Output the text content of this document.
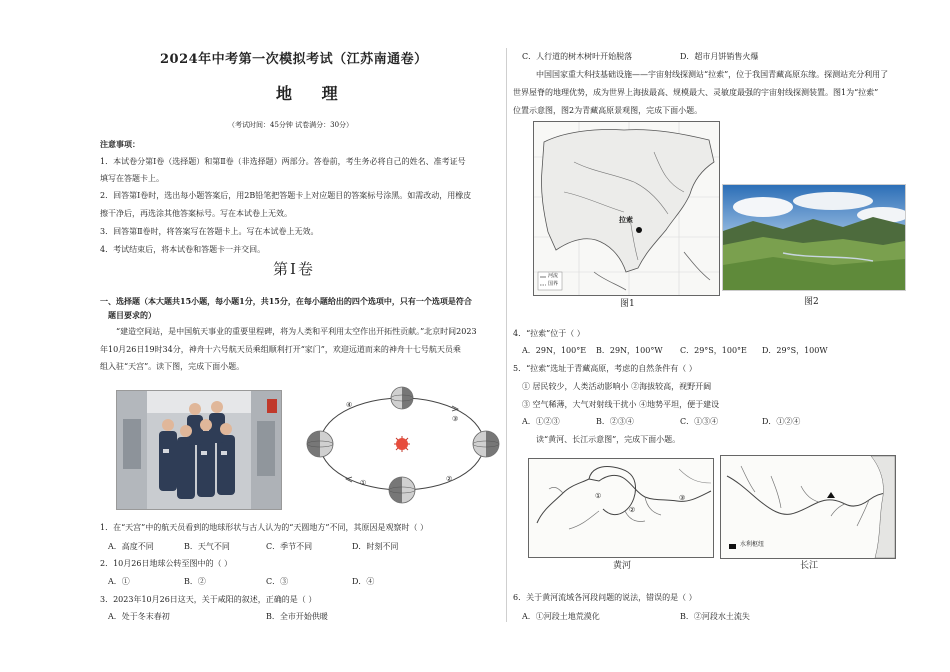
2024年中考第一次模拟考试（江苏南通卷）
地 理
（考试时间：45分钟 试卷满分：30分）
注意事项：
1．本试卷分第Ⅰ卷（选择题）和第Ⅱ卷（非选择题）两部分。答卷前，考生务必将自己的姓名、准考证号
填写在答题卡上。
2．回答第Ⅰ卷时，选出每小题答案后，用2B铅笔把答题卡上对应题目的答案标号涂黑。如需改动，用橡皮
擦干净后，再选涂其他答案标号。写在本试卷上无效。
3．回答第Ⅱ卷时，将答案写在答题卡上。写在本试卷上无效。
4．考试结束后，将本试卷和答题卡一并交回。
第Ⅰ卷
一、选择题（本大题共15小题，每小题1分，共15分，在每小题给出的四个选项中，只有一个选项是符合
题目要求的）
“建造空间站，是中国航天事业的重要里程碑，将为人类和平利用太空作出开拓性贡献。”北京时间2023
年10月26日19时34分，神舟十六号航天员乘组顺利打开“家门”，欢迎远道而来的神舟十七号航天员乘
组入驻“天宫”。读下图，完成下面小题。
④
②
①
③
1．在“天宫”中的航天员看到的地球形状与古人认为的“天圆地方”不同，其原因是观察时（ ）
A．高度不同	B．天气不同	C．季节不同	D．时刻不同
2．10月26日地球公转至图中的（ ）
A．①	B．②	C．③	D．④
3．2023年10月26日这天，关于咸阳的叙述，正确的是（ ）
A．处于冬末春初	B．全市开始供暖
C．人行道的树木树叶开始脱落	D．超市月饼销售火爆
中国国家重大科技基础设施——宇宙射线探测站“拉索”，位于我国青藏高原东缘。探测站充分利用了
世界屋脊的地理优势，成为世界上海拔最高、规模最大、灵敏度最强的宇宙射线探测装置。图1为“拉索”
位置示意图，图2为青藏高原景观图，完成下面小题。
拉索
河流
国界
图1	图2
4．“拉索”位于（ ）
A．29N，100°E B．29N，100°W C．29°S，100°E D．29°S，100W
5．“拉索”选址于青藏高原，考虑的自然条件有（ ）
① 居民较少，人类活动影响小 ②海拔较高，视野开阔
③ 空气稀薄，大气对射线干扰小 ④地势平坦，便于建设
A．①②③	B．②③④	C．①③④	D．①②④
读“黄河、长江示意图”，完成下面小题。
①
②
③
黄河
水利枢纽
长江
6．关于黄河流域各河段问题的说法，错误的是（ ）
A．①河段土地荒漠化	B．②河段水土流失
